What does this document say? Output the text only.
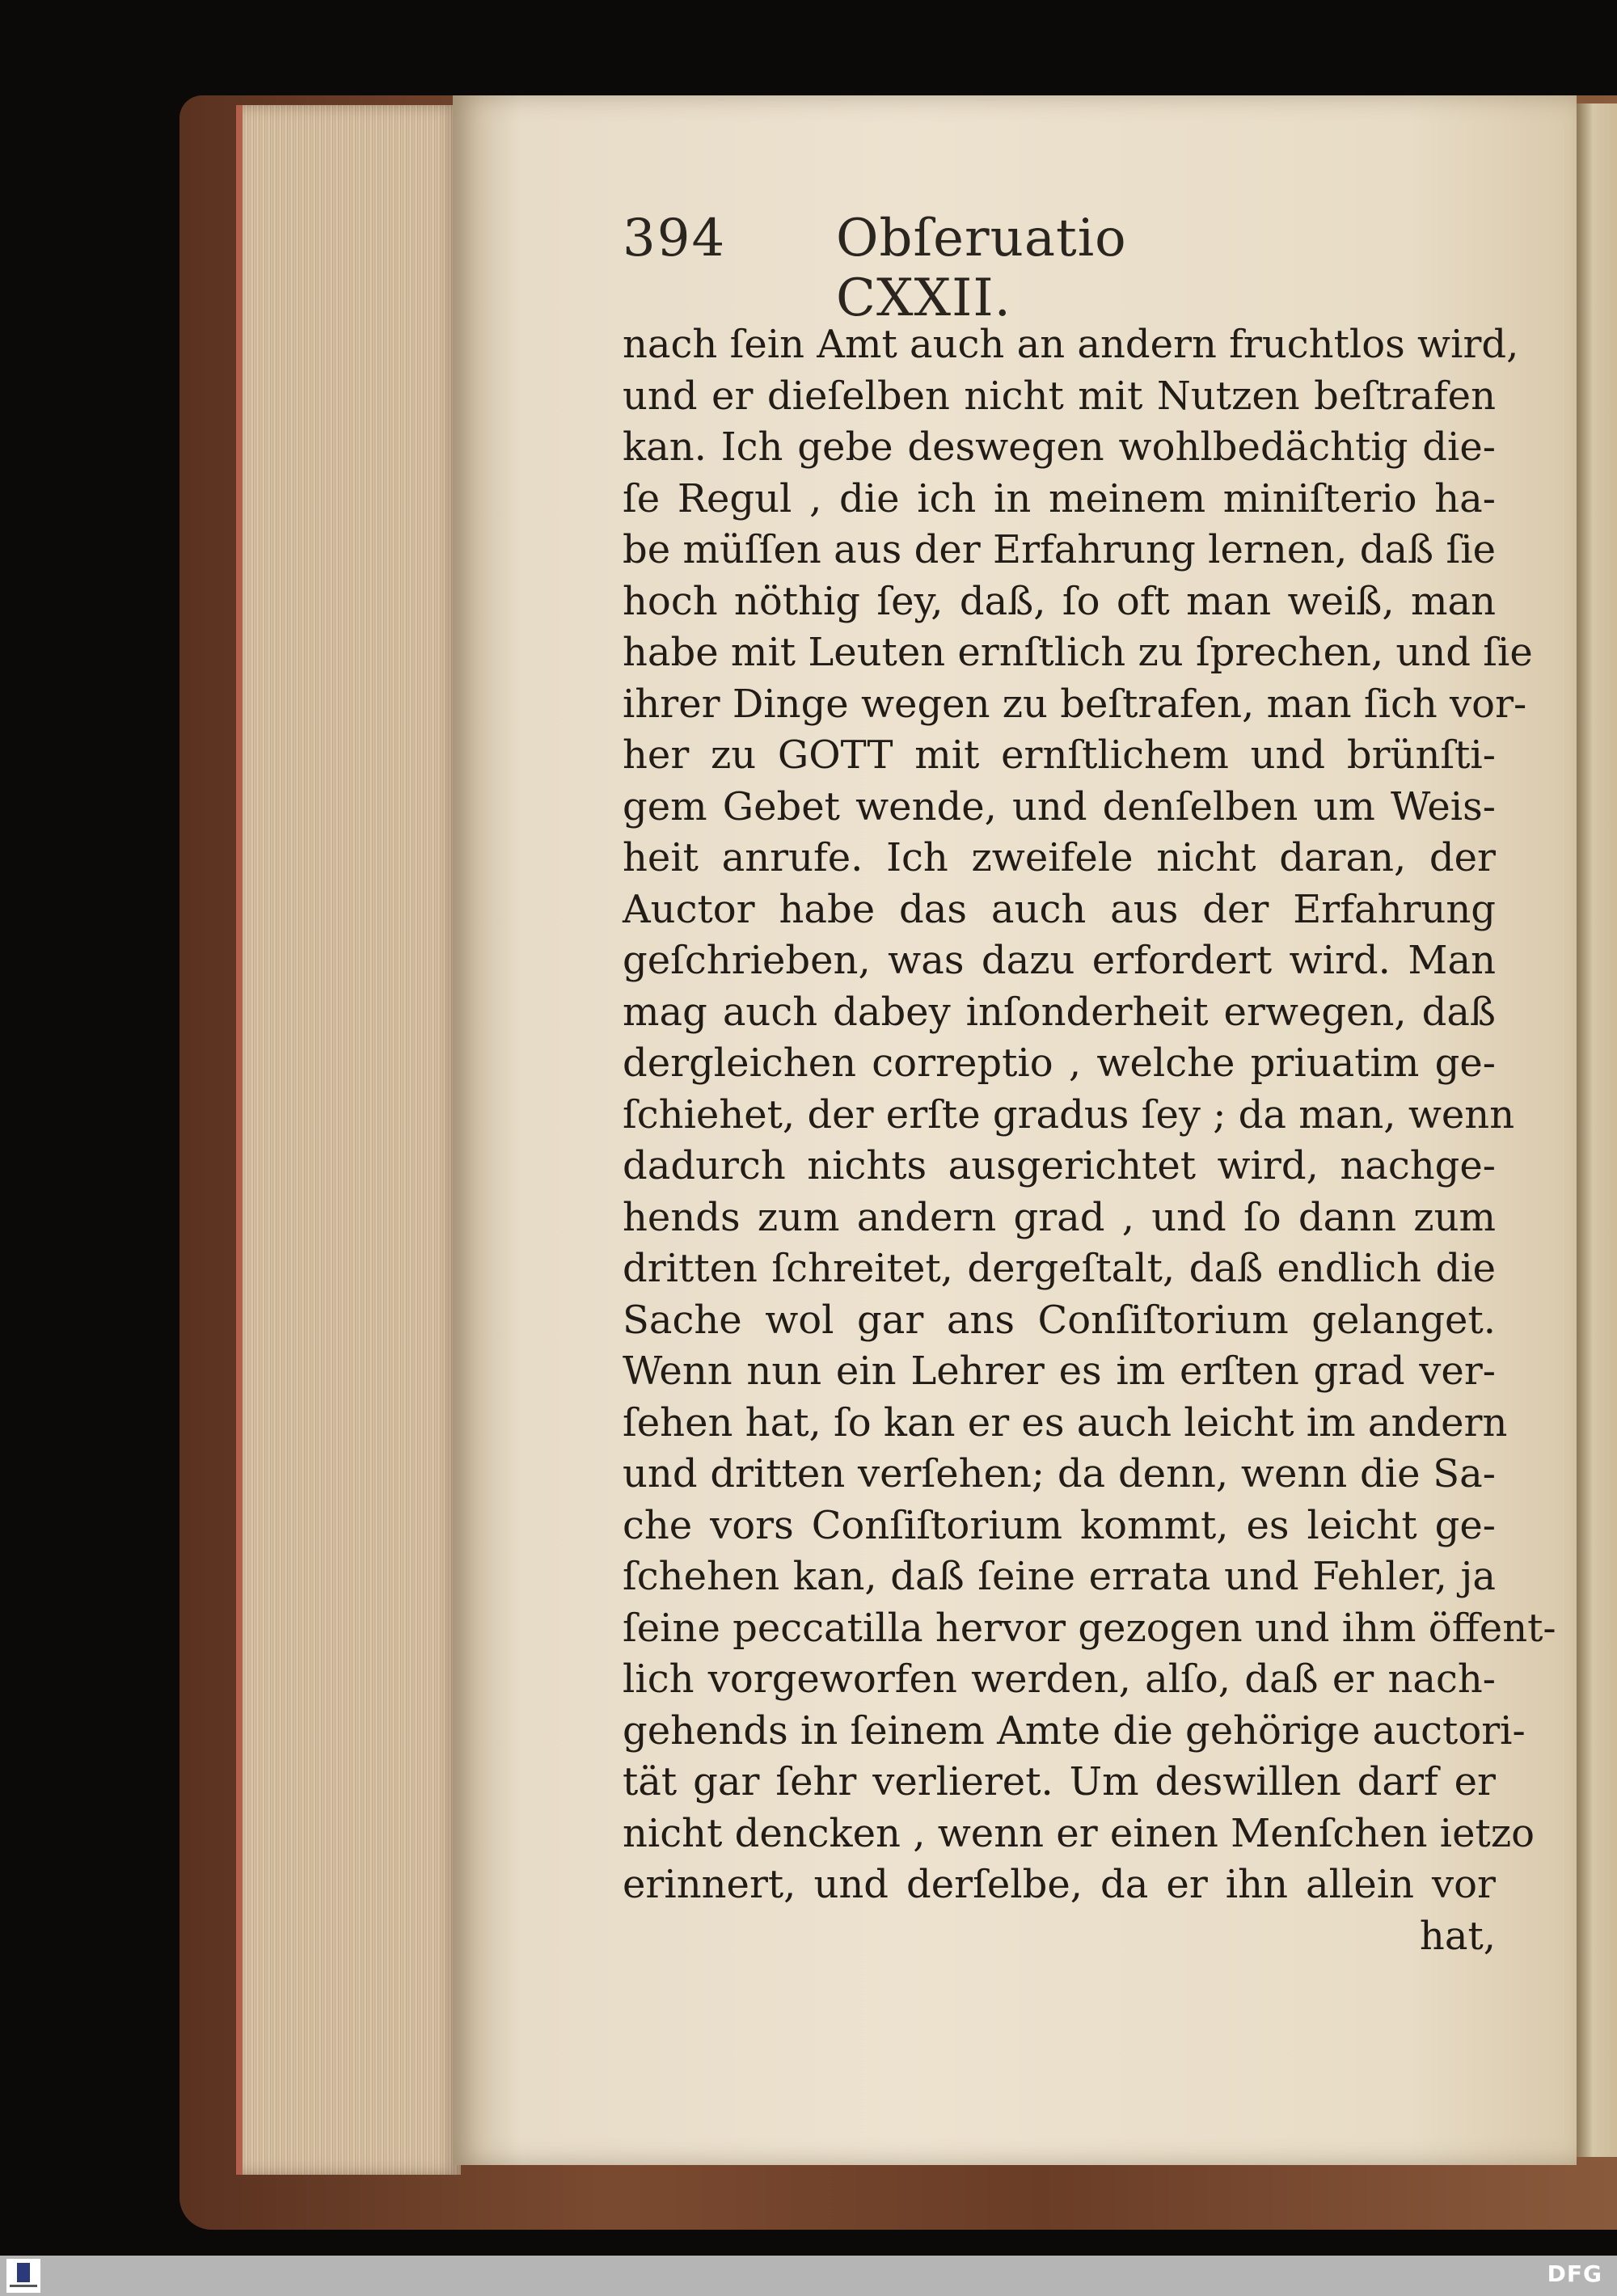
394 Obſeruatio CXXII.
nach ſein Amt auch an andern fruchtlos wird,
und er dieſelben nicht mit Nutzen beſtrafen
kan. Ich gebe deswegen wohlbedächtig die-
ſe Regul , die ich in meinem miniſterio ha-
be müſſen aus der Erfahrung lernen, daß ſie
hoch nöthig ſey, daß, ſo oft man weiß, man
habe mit Leuten ernſtlich zu ſprechen, und ſie
ihrer Dinge wegen zu beſtrafen, man ſich vor-
her zu GOTT mit ernſtlichem und brünſti-
gem Gebet wende, und denſelben um Weis-
heit anrufe. Ich zweifele nicht daran, der
Auctor habe das auch aus der Erfahrung
geſchrieben, was dazu erfordert wird. Man
mag auch dabey inſonderheit erwegen, daß
dergleichen correptio , welche priuatim ge-
ſchiehet, der erſte gradus ſey ; da man, wenn
dadurch nichts ausgerichtet wird, nachge-
hends zum andern grad , und ſo dann zum
dritten ſchreitet, dergeſtalt, daß endlich die
Sache wol gar ans Conſiſtorium gelanget.
Wenn nun ein Lehrer es im erſten grad ver-
ſehen hat, ſo kan er es auch leicht im andern
und dritten verſehen; da denn, wenn die Sa-
che vors Conſiſtorium kommt, es leicht ge-
ſchehen kan, daß ſeine errata und Fehler, ja
ſeine peccatilla hervor gezogen und ihm öffent-
lich vorgeworfen werden, alſo, daß er nach-
gehends in ſeinem Amte die gehörige auctori-
tät gar ſehr verlieret. Um deswillen darf er
nicht dencken , wenn er einen Menſchen ietzo
erinnert, und derſelbe, da er ihn allein vor
hat,
DFG
